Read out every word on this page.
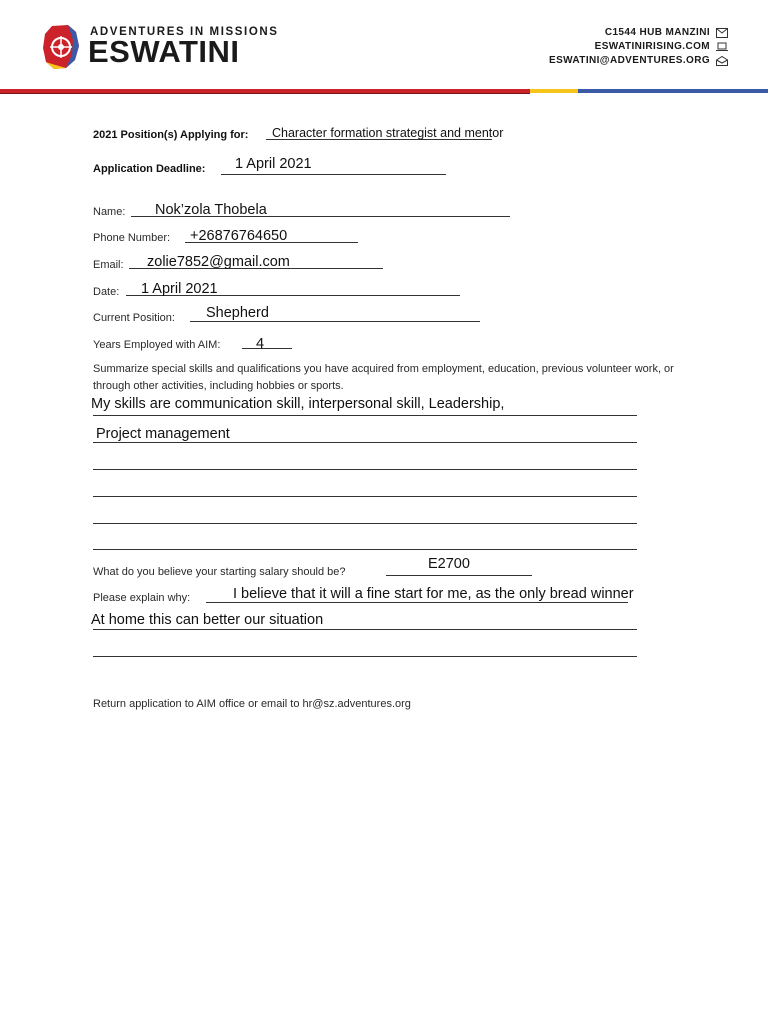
ADVENTURES IN MISSIONS
ESWATINI
C1544 HUB MANZINI
ESWATINIRISING.COM
ESWATINI@ADVENTURES.ORG
2021 Position(s) Applying for: Character formation strategist and mentor
Application Deadline: 1 April 2021
Name: Nok’zola Thobela
Phone Number: +26876764650
Email: zolie7852@gmail.com
Date: 1 April 2021
Current Position: Shepherd
Years Employed with AIM: 4
Summarize special skills and qualifications you have acquired from employment, education, previous volunteer work, or through other activities, including hobbies or sports.
My skills are communication skill, interpersonal skill, Leadership,
Project management
What do you believe your starting salary should be?	E2700
Please explain why:	I believe that it will a fine start for me, as the only bread winner
At home this can better our situation
Return application to AIM office or email to hr@sz.adventures.org
